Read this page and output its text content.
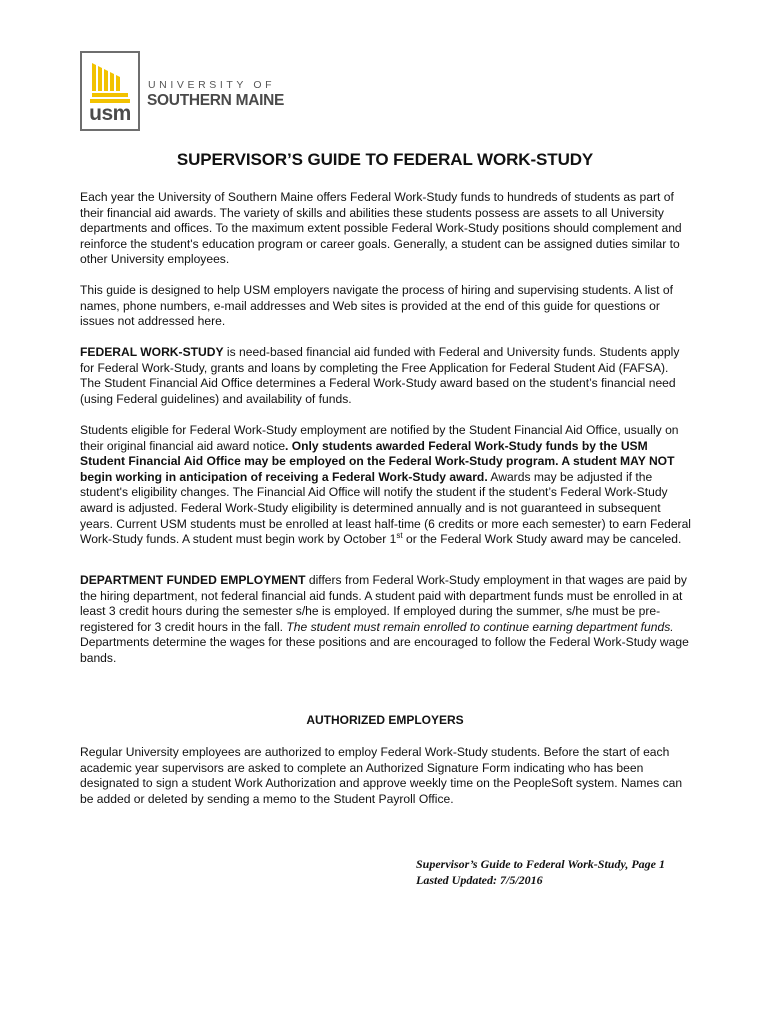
usm
UNIVERSITY OF
SOUTHERN MAINE
SUPERVISOR’S GUIDE TO FEDERAL WORK-STUDY

Each year the University of Southern Maine offers Federal Work-Study funds to hundreds of students as part of their financial aid awards. The variety of skills and abilities these students possess are assets to all University departments and offices. To the maximum extent possible Federal Work-Study positions should complement and reinforce the student's education program or career goals. Generally, a student can be assigned duties similar to other University employees.

This guide is designed to help USM employers navigate the process of hiring and supervising students. A list of names, phone numbers, e-mail addresses and Web sites is provided at the end of this guide for questions or issues not addressed here.

FEDERAL WORK-STUDY is need-based financial aid funded with Federal and University funds. Students apply for Federal Work-Study, grants and loans by completing the Free Application for Federal Student Aid (FAFSA). The Student Financial Aid Office determines a Federal Work-Study award based on the student’s financial need (using Federal guidelines) and availability of funds.

Students eligible for Federal Work-Study employment are notified by the Student Financial Aid Office, usually on their original financial aid award notice. Only students awarded Federal Work-Study funds by the USM Student Financial Aid Office may be employed on the Federal Work-Study program. A student MAY NOT begin working in anticipation of receiving a Federal Work-Study award. Awards may be adjusted if the student's eligibility changes. The Financial Aid Office will notify the student if the student’s Federal Work-Study award is adjusted. Federal Work-Study eligibility is determined annually and is not guaranteed in subsequent years. Current USM students must be enrolled at least half-time (6 credits or more each semester) to earn Federal Work-Study funds. A student must begin work by October 1st or the Federal Work Study award may be canceled.

DEPARTMENT FUNDED EMPLOYMENT differs from Federal Work-Study employment in that wages are paid by the hiring department, not federal financial aid funds. A student paid with department funds must be enrolled in at least 3 credit hours during the semester s/he is employed. If employed during the summer, s/he must be pre-registered for 3 credit hours in the fall. The student must remain enrolled to continue earning department funds. Departments determine the wages for these positions and are encouraged to follow the Federal Work-Study wage bands.

AUTHORIZED EMPLOYERS

Regular University employees are authorized to employ Federal Work-Study students. Before the start of each academic year supervisors are asked to complete an Authorized Signature Form indicating who has been designated to sign a student Work Authorization and approve weekly time on the PeopleSoft system. Names can be added or deleted by sending a memo to the Student Payroll Office.

Supervisor’s Guide to Federal Work-Study, Page 1
Lasted Updated: 7/5/2016
